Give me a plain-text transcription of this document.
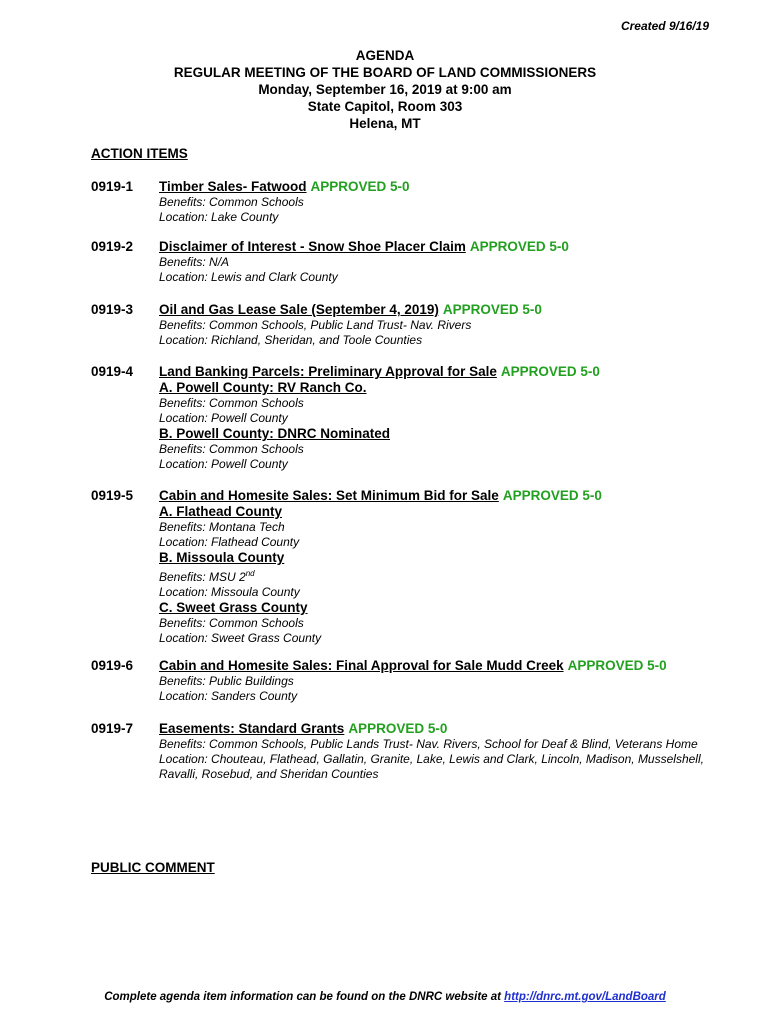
Created 9/16/19
AGENDA
REGULAR MEETING OF THE BOARD OF LAND COMMISSIONERS
Monday, September 16, 2019 at 9:00 am
State Capitol, Room 303
Helena, MT
ACTION ITEMS
0919-1 Timber Sales- Fatwood APPROVED 5-0
Benefits: Common Schools
Location: Lake County
0919-2 Disclaimer of Interest - Snow Shoe Placer Claim APPROVED 5-0
Benefits: N/A
Location: Lewis and Clark County
0919-3 Oil and Gas Lease Sale (September 4, 2019) APPROVED 5-0
Benefits: Common Schools, Public Land Trust- Nav. Rivers
Location: Richland, Sheridan, and Toole Counties
0919-4 Land Banking Parcels: Preliminary Approval for Sale APPROVED 5-0
A. Powell County: RV Ranch Co.
Benefits: Common Schools
Location: Powell County
B. Powell County: DNRC Nominated
Benefits: Common Schools
Location: Powell County
0919-5 Cabin and Homesite Sales: Set Minimum Bid for Sale APPROVED 5-0
A. Flathead County
Benefits: Montana Tech
Location: Flathead County
B. Missoula County
Benefits: MSU 2nd
Location: Missoula County
C. Sweet Grass County
Benefits: Common Schools
Location: Sweet Grass County
0919-6 Cabin and Homesite Sales: Final Approval for Sale Mudd Creek APPROVED 5-0
Benefits: Public Buildings
Location: Sanders County
0919-7 Easements: Standard Grants APPROVED 5-0
Benefits: Common Schools, Public Lands Trust- Nav. Rivers, School for Deaf & Blind, Veterans Home
Location: Chouteau, Flathead, Gallatin, Granite, Lake, Lewis and Clark, Lincoln, Madison, Musselshell, Ravalli, Rosebud, and Sheridan Counties
PUBLIC COMMENT
Complete agenda item information can be found on the DNRC website at http://dnrc.mt.gov/LandBoard
